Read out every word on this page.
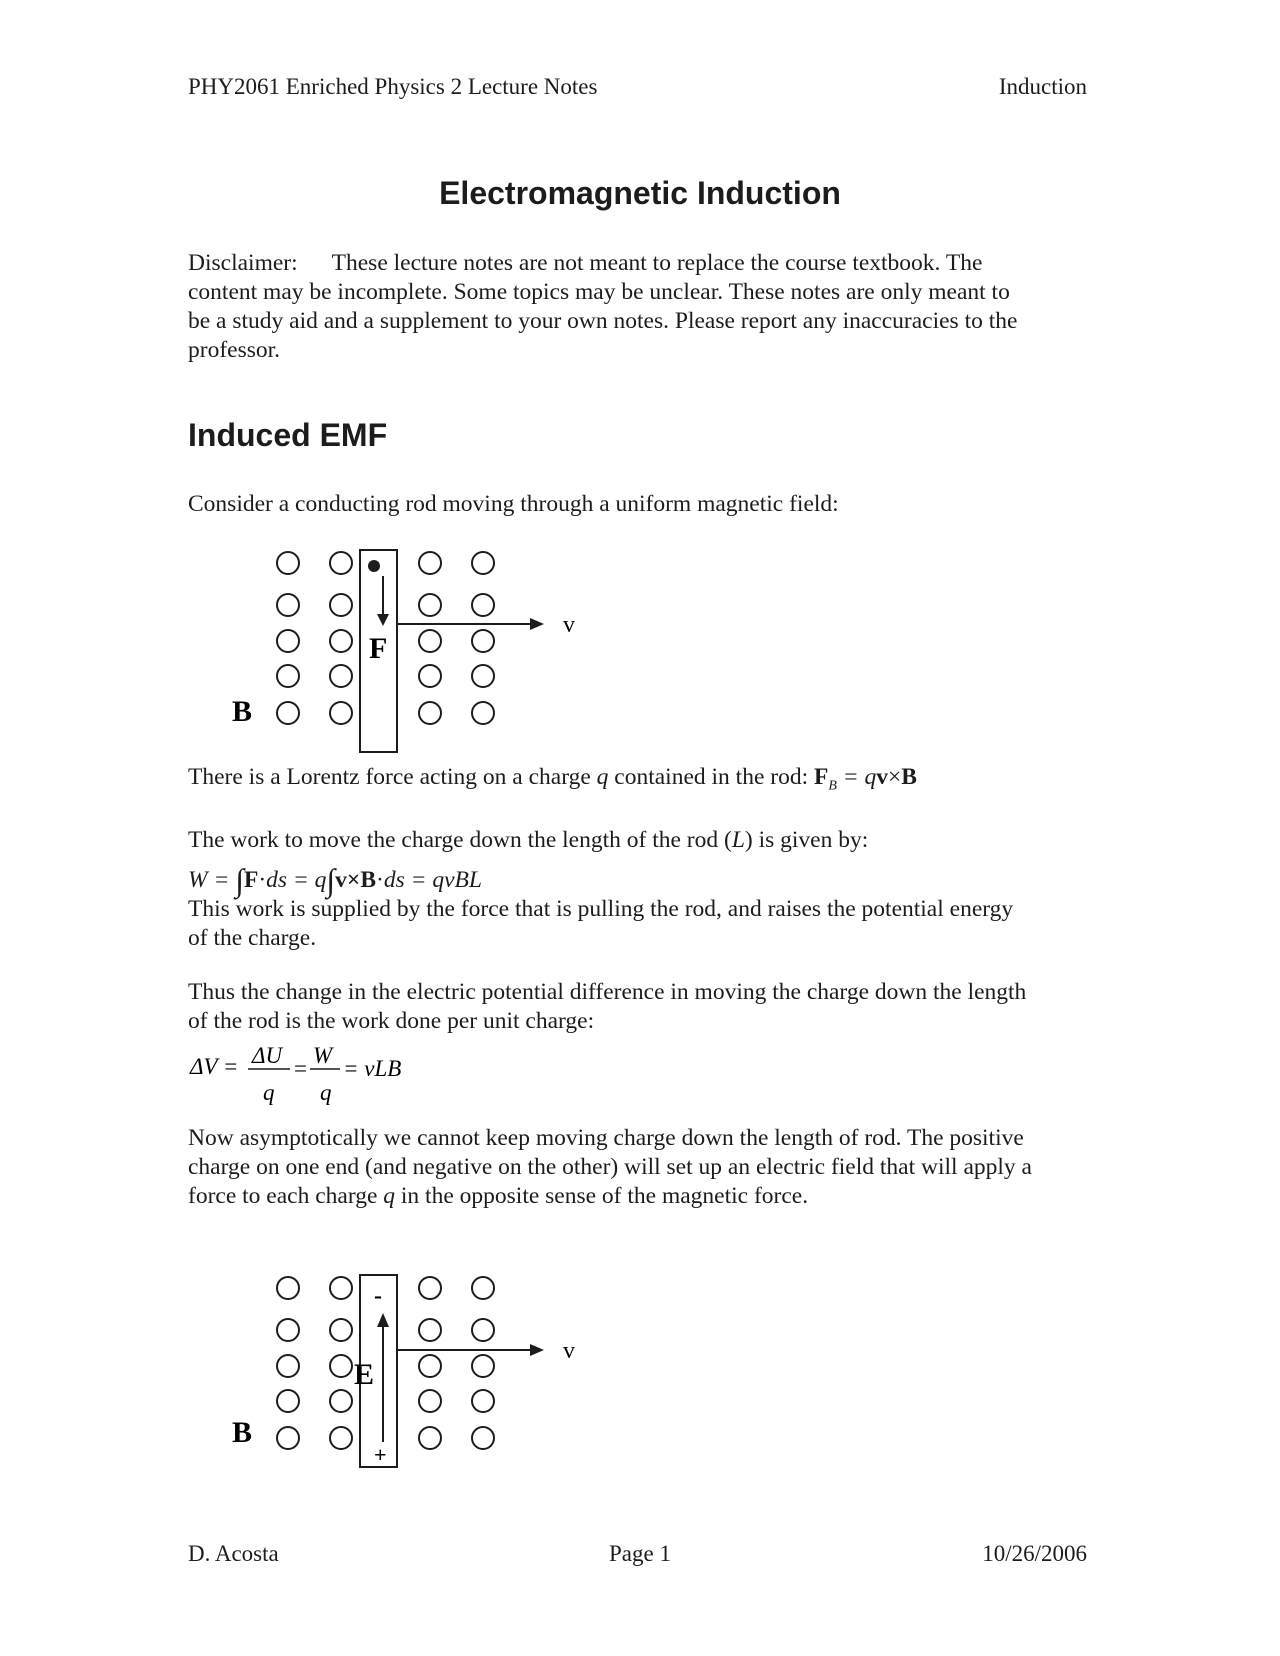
PHY2061 Enriched Physics 2 Lecture Notes	Induction
Electromagnetic Induction
Disclaimer: These lecture notes are not meant to replace the course textbook. The
content may be incomplete. Some topics may be unclear. These notes are only meant to
be a study aid and a supplement to your own notes. Please report any inaccuracies to the
professor.
Induced EMF
Consider a conducting rod moving through a uniform magnetic field:
v
F
B
There is a Lorentz force acting on a charge q contained in the rod: $F_B = qv\times B$
The work to move the charge down the length of the rod (L) is given by:
W = ∫F·ds = q∫v×B·ds = qvBL
This work is supplied by the force that is pulling the rod, and raises the potential energy
of the charge.
Thus the change in the electric potential difference in moving the charge down the length
of the rod is the work done per unit charge:
ΔV = ΔU
q
=
W
q
= vLB
Now asymptotically we cannot keep moving charge down the length of rod. The positive
charge on one end (and negative on the other) will set up an electric field that will apply a
force to each charge q in the opposite sense of the magnetic force.
-
v
E
+
B
D. Acosta	Page 1	10/26/2006
